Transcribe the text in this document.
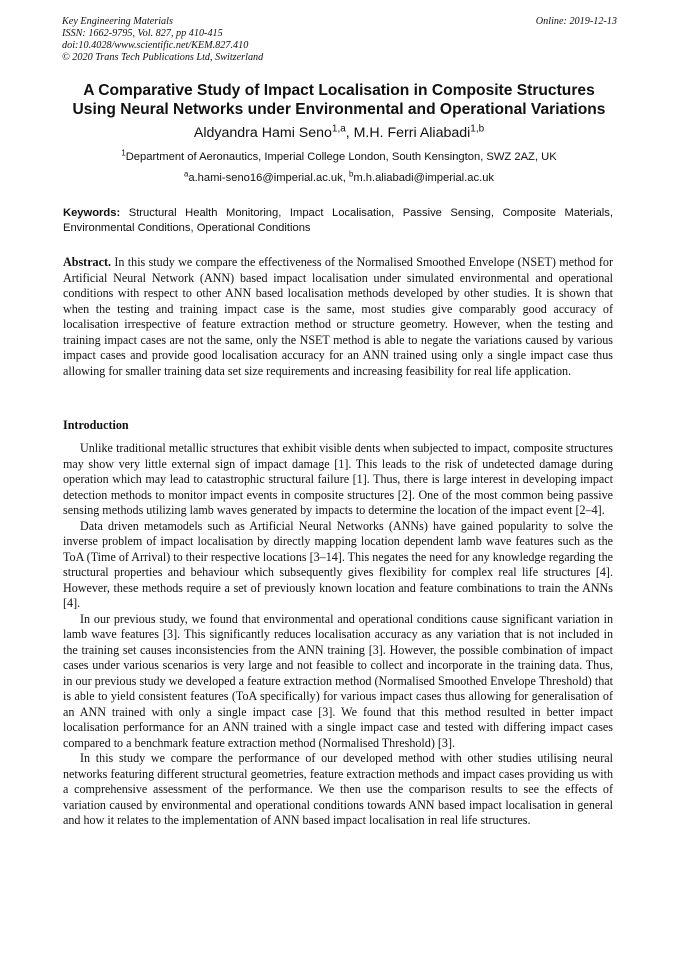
Key Engineering Materials
ISSN: 1662-9795, Vol. 827, pp 410-415
doi:10.4028/www.scientific.net/KEM.827.410
© 2020 Trans Tech Publications Ltd, Switzerland
Online: 2019-12-13
A Comparative Study of Impact Localisation in Composite Structures
Using Neural Networks under Environmental and Operational Variations
Aldyandra Hami Seno$^{1,a}$, M.H. Ferri Aliabadi$^{1,b}$
$^1$Department of Aeronautics, Imperial College London, South Kensington, SWZ 2AZ, UK
$^a$a.hami-seno16@imperial.ac.uk, $^b$m.h.aliabadi@imperial.ac.uk
Keywords: Structural Health Monitoring, Impact Localisation, Passive Sensing, Composite Materials, Environmental Conditions, Operational Conditions
Abstract. In this study we compare the effectiveness of the Normalised Smoothed Envelope (NSET) method for Artificial Neural Network (ANN) based impact localisation under simulated environmental and operational conditions with respect to other ANN based localisation methods developed by other studies. It is shown that when the testing and training impact case is the same, most studies give comparably good accuracy of localisation irrespective of feature extraction method or structure geometry. However, when the testing and training impact cases are not the same, only the NSET method is able to negate the variations caused by various impact cases and provide good localisation accuracy for an ANN trained using only a single impact case thus allowing for smaller training data set size requirements and increasing feasibility for real life application.
Introduction

Unlike traditional metallic structures that exhibit visible dents when subjected to impact, composite structures may show very little external sign of impact damage [1]. This leads to the risk of undetected damage during operation which may lead to catastrophic structural failure [1]. Thus, there is large interest in developing impact detection methods to monitor impact events in composite structures [2]. One of the most common being passive sensing methods utilizing lamb waves generated by impacts to determine the location of the impact event [2–4].

Data driven metamodels such as Artificial Neural Networks (ANNs) have gained popularity to solve the inverse problem of impact localisation by directly mapping location dependent lamb wave features such as the ToA (Time of Arrival) to their respective locations [3–14]. This negates the need for any knowledge regarding the structural properties and behaviour which subsequently gives flexibility for complex real life structures [4]. However, these methods require a set of previously known location and feature combinations to train the ANNs [4].

In our previous study, we found that environmental and operational conditions cause significant variation in lamb wave features [3]. This significantly reduces localisation accuracy as any variation that is not included in the training set causes inconsistencies from the ANN training [3]. However, the possible combination of impact cases under various scenarios is very large and not feasible to collect and incorporate in the training data. Thus, in our previous study we developed a feature extraction method (Normalised Smoothed Envelope Threshold) that is able to yield consistent features (ToA specifically) for various impact cases thus allowing for generalisation of an ANN trained with only a single impact case [3]. We found that this method resulted in better impact localisation performance for an ANN trained with a single impact case and tested with differing impact cases compared to a benchmark feature extraction method (Normalised Threshold) [3].

In this study we compare the performance of our developed method with other studies utilising neural networks featuring different structural geometries, feature extraction methods and impact cases providing us with a comprehensive assessment of the performance. We then use the comparison results to see the effects of variation caused by environmental and operational conditions towards ANN based impact localisation in general and how it relates to the implementation of ANN based impact localisation in real life structures.
